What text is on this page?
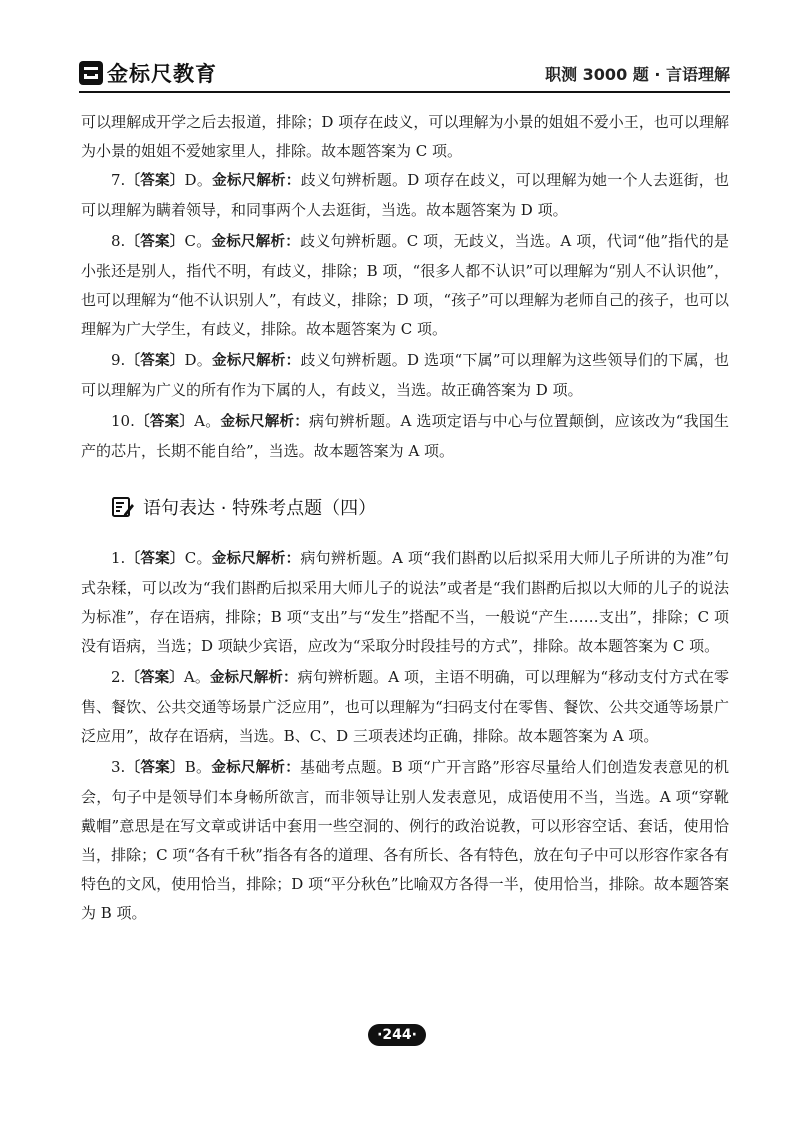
金标尺教育	职测 3000 题 · 言语理解

可以理解成开学之后去报道，排除；D 项存在歧义，可以理解为小景的姐姐不爱小王，也可以理解为小景的姐姐不爱她家里人，排除。故本题答案为 C 项。

7.〔答案〕D。金标尺解析：歧义句辨析题。D 项存在歧义，可以理解为她一个人去逛街，也可以理解为瞒着领导，和同事两个人去逛街，当选。故本题答案为 D 项。

8.〔答案〕C。金标尺解析：歧义句辨析题。C 项，无歧义，当选。A 项，代词“他”指代的是小张还是别人，指代不明，有歧义，排除；B 项，“很多人都不认识”可以理解为“别人不认识他”，也可以理解为“他不认识别人”，有歧义，排除；D 项，“孩子”可以理解为老师自己的孩子，也可以理解为广大学生，有歧义，排除。故本题答案为 C 项。

9.〔答案〕D。金标尺解析：歧义句辨析题。D 选项“下属”可以理解为这些领导们的下属，也可以理解为广义的所有作为下属的人，有歧义，当选。故正确答案为 D 项。

10.〔答案〕A。金标尺解析：病句辨析题。A 选项定语与中心与位置颠倒，应该改为“我国生产的芯片，长期不能自给”，当选。故本题答案为 A 项。

语句表达 · 特殊考点题（四）

1.〔答案〕C。金标尺解析：病句辨析题。A 项“我们斟酌以后拟采用大师儿子所讲的为准”句式杂糅，可以改为“我们斟酌后拟采用大师儿子的说法”或者是“我们斟酌后拟以大师的儿子的说法为标准”，存在语病，排除；B 项“支出”与“发生”搭配不当，一般说“产生……支出”，排除；C 项没有语病，当选；D 项缺少宾语，应改为“采取分时段挂号的方式”，排除。故本题答案为 C 项。

2.〔答案〕A。金标尺解析：病句辨析题。A 项，主语不明确，可以理解为“移动支付方式在零售、餐饮、公共交通等场景广泛应用”，也可以理解为“扫码支付在零售、餐饮、公共交通等场景广泛应用”，故存在语病，当选。B、C、D 三项表述均正确，排除。故本题答案为 A 项。

3.〔答案〕B。金标尺解析：基础考点题。B 项“广开言路”形容尽量给人们创造发表意见的机会，句子中是领导们本身畅所欲言，而非领导让别人发表意见，成语使用不当，当选。A 项“穿靴戴帽”意思是在写文章或讲话中套用一些空洞的、例行的政治说教，可以形容空话、套话，使用恰当，排除；C 项“各有千秋”指各有各的道理、各有所长、各有特色，放在句子中可以形容作家各有特色的文风，使用恰当，排除；D 项“平分秋色”比喻双方各得一半，使用恰当，排除。故本题答案为 B 项。

·244·
